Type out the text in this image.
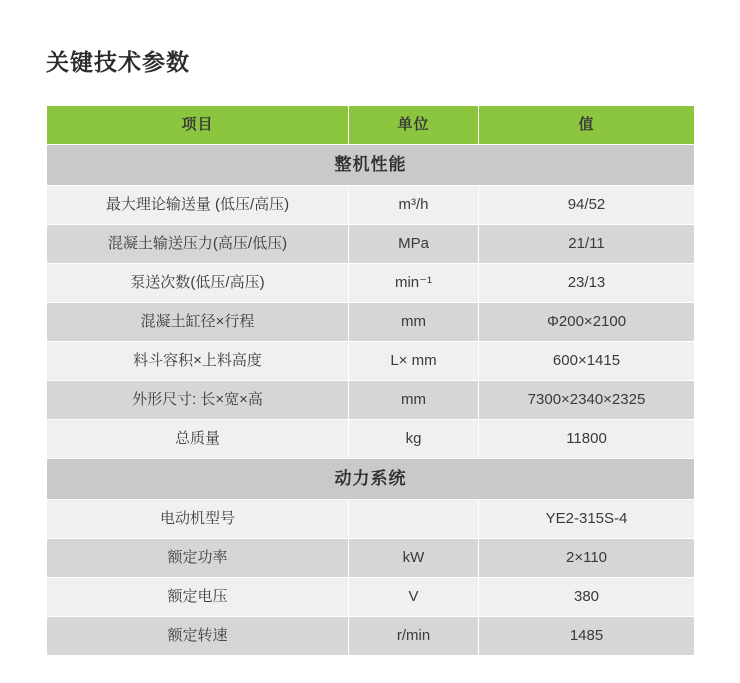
关键技术参数
项目	单位	值
整机性能		
最大理论输送量 (低压/高压)	m³/h	94/52
混凝土输送压力(高压/低压)	MPa	21/11
泵送次数(低压/高压)	min⁻¹	23/13
混凝土缸径×行程	mm	Φ200×2100
料斗容积×上料高度	L× mm	600×1415
外形尺寸: 长×宽×高	mm	7300×2340×2325
总质量	kg	11800
动力系统		
电动机型号		YE2-315S-4
额定功率	kW	2×110
额定电压	V	380
额定转速	r/min	1485
